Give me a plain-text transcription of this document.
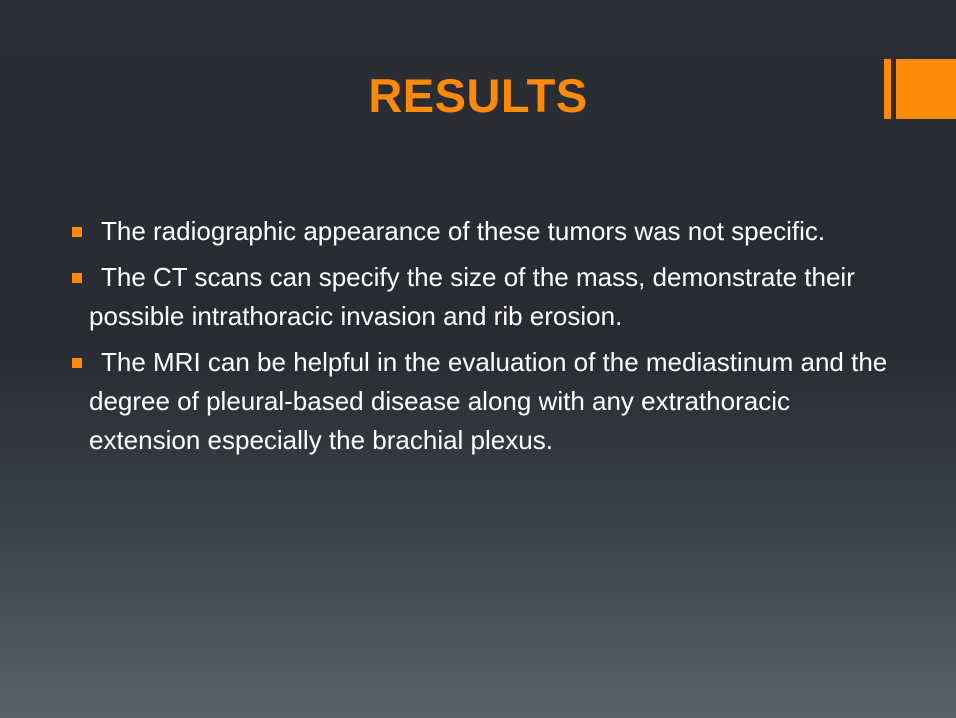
RESULTS
The radiographic appearance of these tumors was not specific.
The CT scans can specify the size of the mass, demonstrate their possible intrathoracic invasion and rib erosion.
The MRI can be helpful in the evaluation of the mediastinum and the degree of pleural-based disease along with any extrathoracic extension especially the brachial plexus.
